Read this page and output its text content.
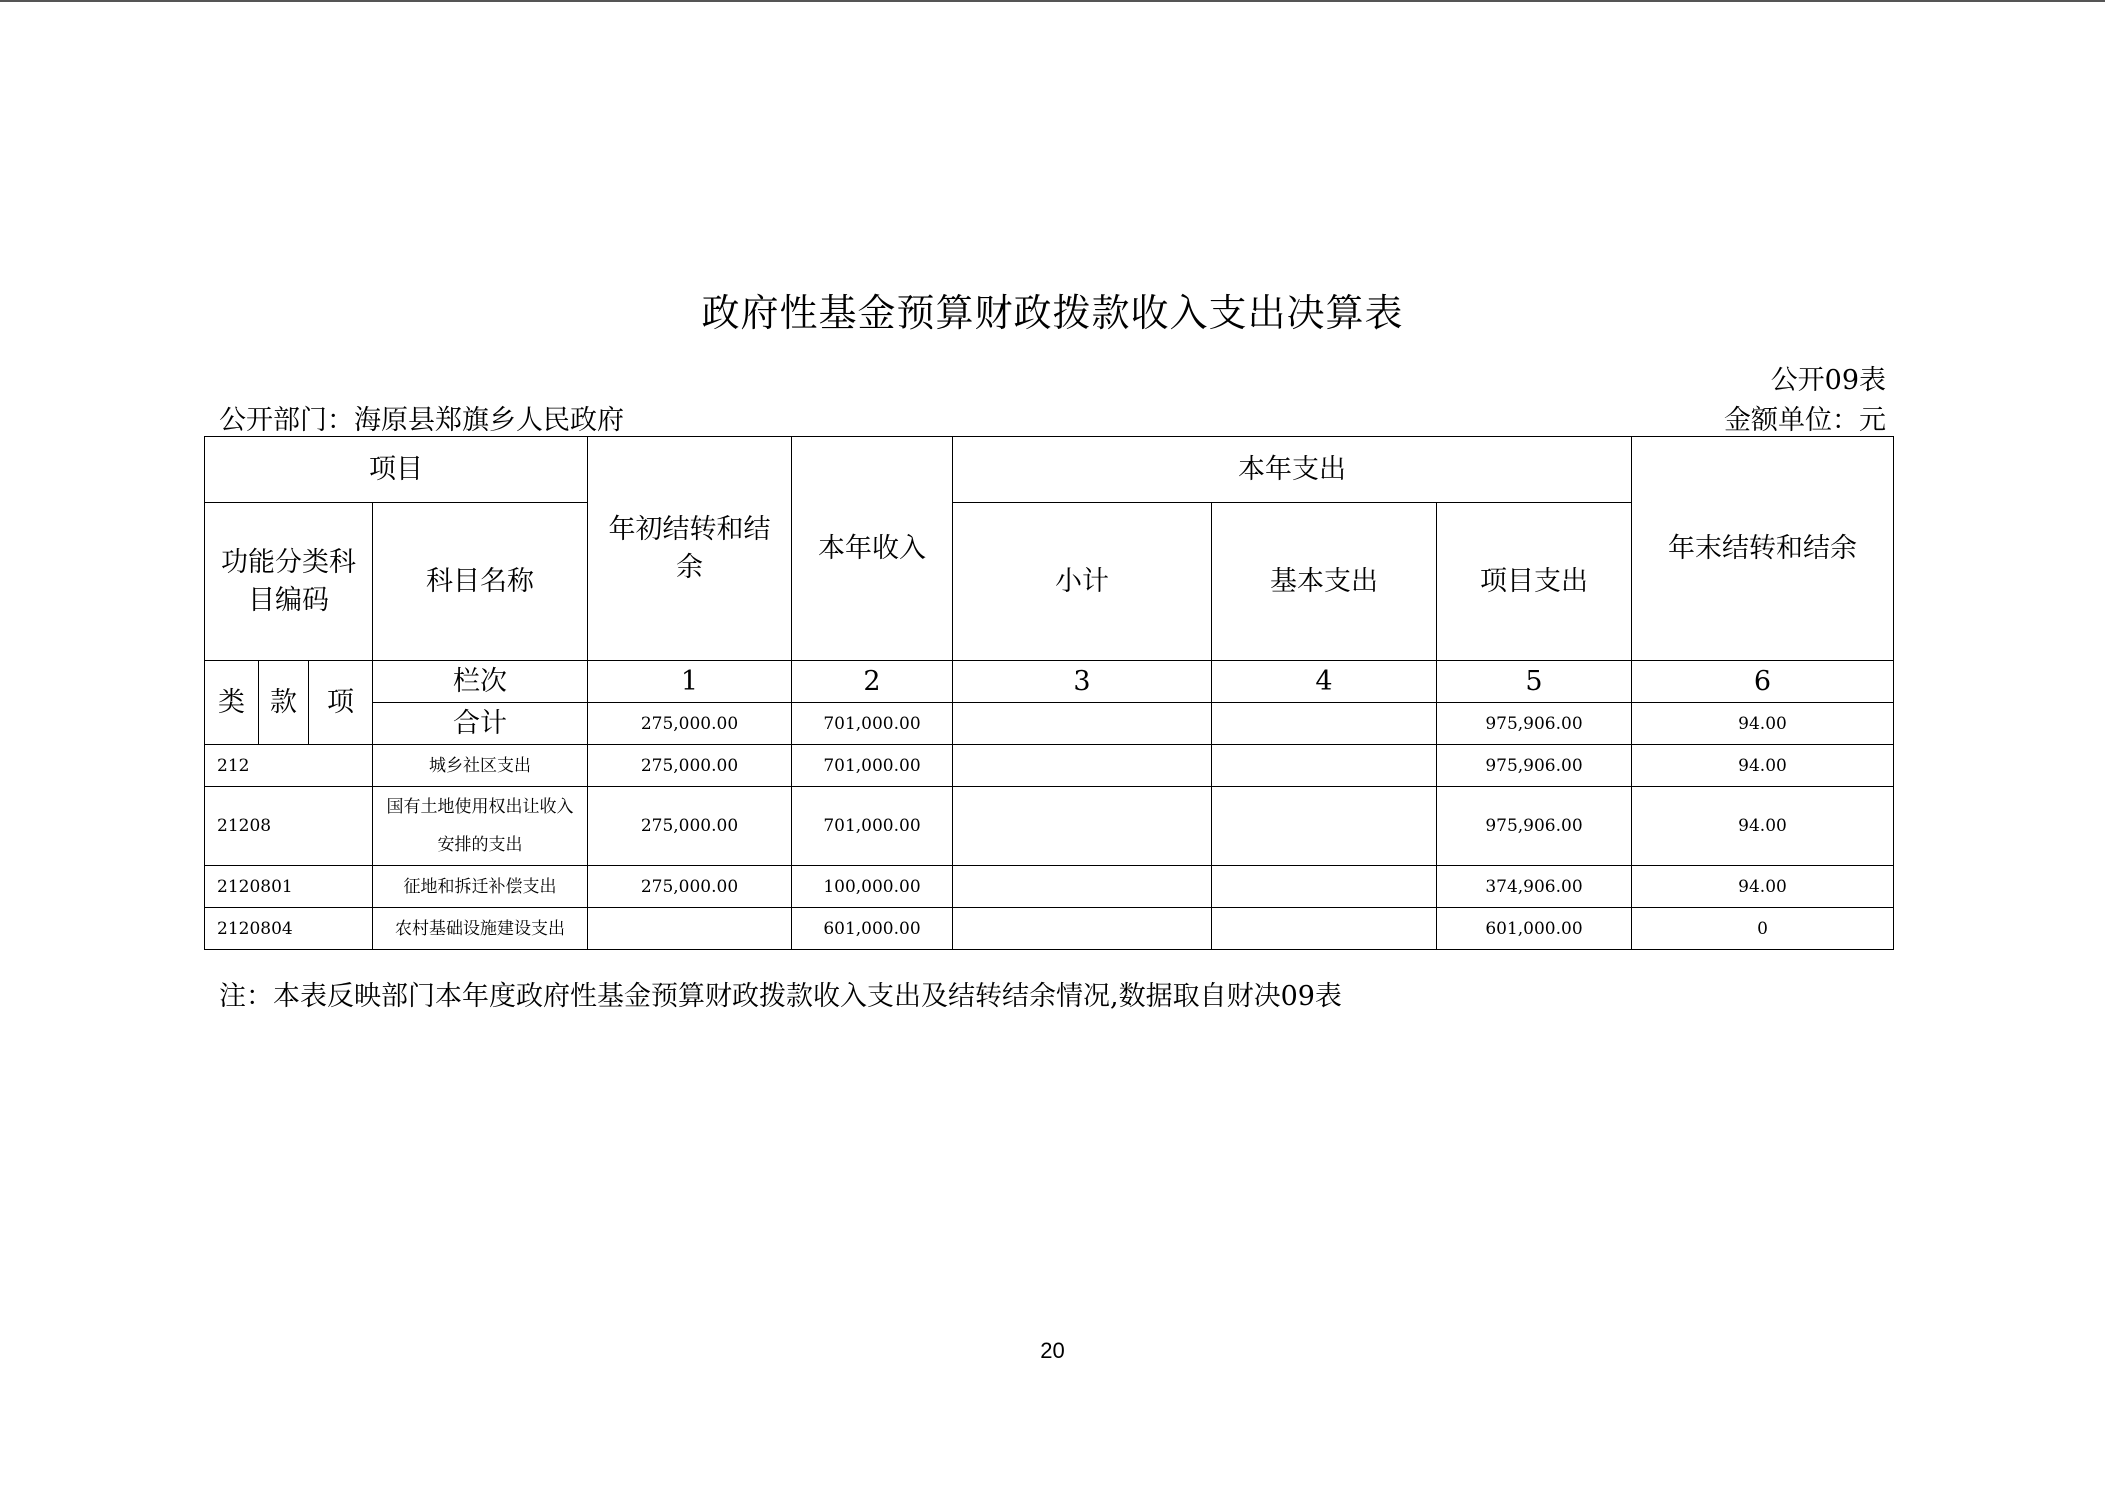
政府性基金预算财政拨款收入支出决算表
公开09表
公开部门：海原县郑旗乡人民政府	金额单位：元
项目				年初结转和结余	本年收入	本年支出			年末结转和结余
功能分类科目编码			科目名称			小计	基本支出	项目支出	
类	款	项	栏次	1	2	3	4	5	6
			合计	275,000.00	701,000.00			975,906.00	94.00
212			城乡社区支出	275,000.00	701,000.00			975,906.00	94.00
21208			国有土地使用权出让收入安排的支出	275,000.00	701,000.00			975,906.00	94.00
2120801			征地和拆迁补偿支出	275,000.00	100,000.00			374,906.00	94.00
2120804			农村基础设施建设支出		601,000.00			601,000.00	0
注：本表反映部门本年度政府性基金预算财政拨款收入支出及结转结余情况,数据取自财决09表
20
